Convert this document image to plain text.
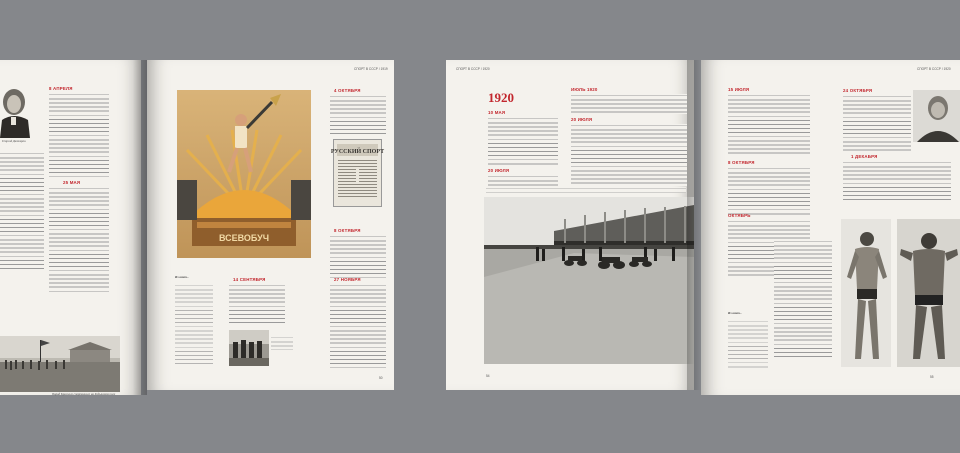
Георгий Дюпперон
8 АПРЕЛЯ
25 МАЯ
Парад Красного спортивного на Ходынском поле
СПОРТ В СССР / 1919
ВСЕВОБУЧ
4 ОКТЯБРЯ
РУССКИЙ СПОРТ
8 ОКТЯБРЯ
27 НОЯБРЯ
Из газет...	14 СЕНТЯБРЯ
50
СПОРТ В СССР / 1920
1920
10 МАЯ
20 ИЮЛЯ
ИЮЛЬ 1920
20 ИЮЛЯ
54
СПОРТ В СССР / 1920
15 ИЮЛЯ
8 ОКТЯБРЯ
ОКТЯБРЬ
Из газет...
24 ОКТЯБРЯ
1 ДЕКАБРЯ
55
